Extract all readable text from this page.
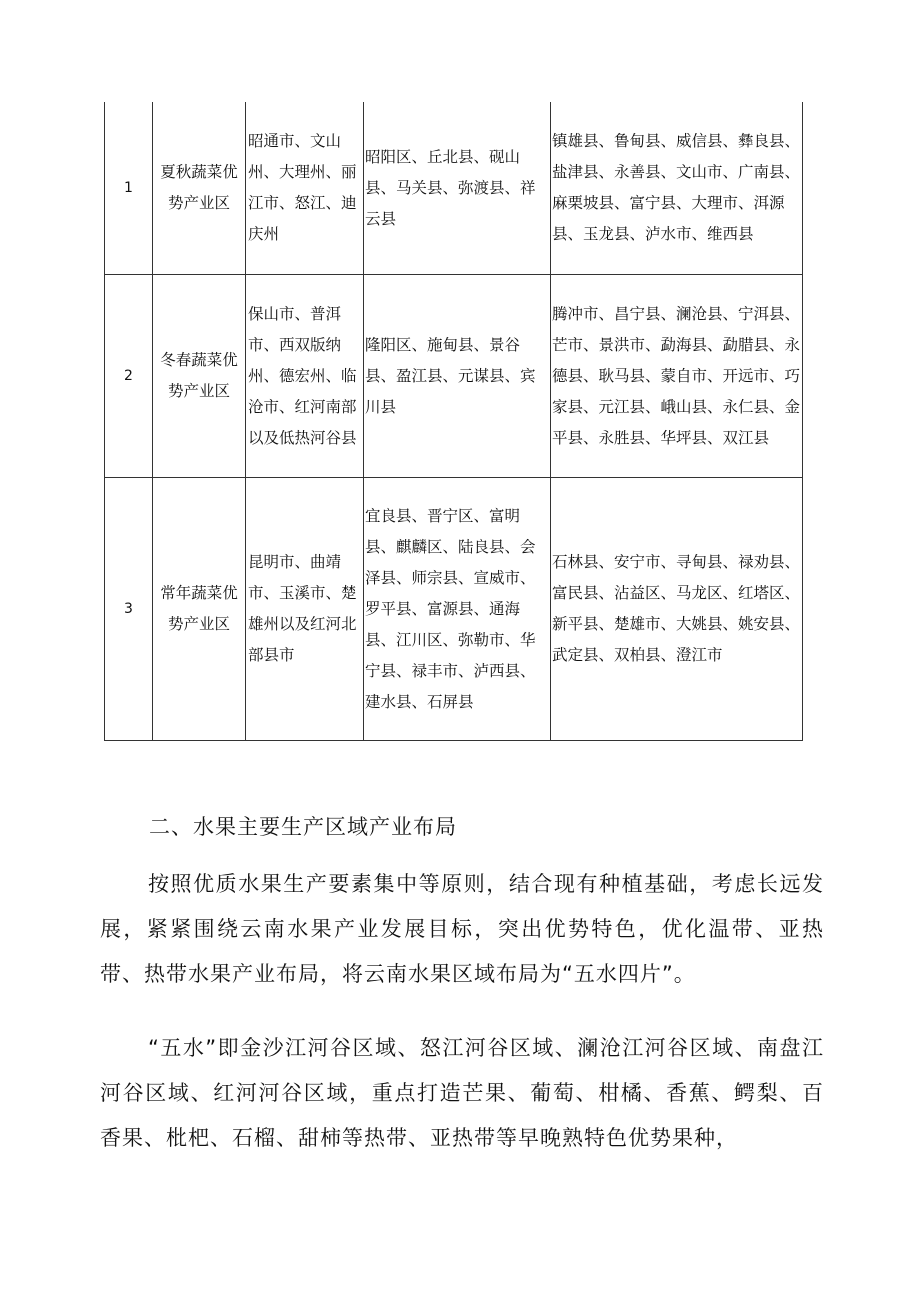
1	夏秋蔬菜优势产业区	昭通市、文山州、大理州、丽江市、怒江、迪庆州	昭阳区、丘北县、砚山县、马关县、弥渡县、祥云县	镇雄县、鲁甸县、威信县、彝良县、盐津县、永善县、文山市、广南县、麻栗坡县、富宁县、大理市、洱源县、玉龙县、泸水市、维西县
2	冬春蔬菜优势产业区	保山市、普洱市、西双版纳州、德宏州、临沧市、红河南部以及低热河谷县	隆阳区、施甸县、景谷县、盈江县、元谋县、宾川县	腾冲市、昌宁县、澜沧县、宁洱县、芒市、景洪市、勐海县、勐腊县、永德县、耿马县、蒙自市、开远市、巧家县、元江县、峨山县、永仁县、金平县、永胜县、华坪县、双江县
3	常年蔬菜优势产业区	昆明市、曲靖市、玉溪市、楚雄州以及红河北部县市	宜良县、晋宁区、富明县、麒麟区、陆良县、会泽县、师宗县、宣威市、罗平县、富源县、通海县、江川区、弥勒市、华宁县、禄丰市、泸西县、建水县、石屏县	石林县、安宁市、寻甸县、禄劝县、富民县、沾益区、马龙区、红塔区、新平县、楚雄市、大姚县、姚安县、武定县、双柏县、澄江市
二、水果主要生产区域产业布局

按照优质水果生产要素集中等原则，结合现有种植基础，考虑长远发展，紧紧围绕云南水果产业发展目标，突出优势特色，优化温带、亚热带、热带水果产业布局，将云南水果区域布局为“五水四片”。

“五水”即金沙江河谷区域、怒江河谷区域、澜沧江河谷区域、南盘江河谷区域、红河河谷区域，重点打造芒果、葡萄、柑橘、香蕉、鳄梨、百香果、枇杷、石榴、甜柿等热带、亚热带等早晚熟特色优势果种，
